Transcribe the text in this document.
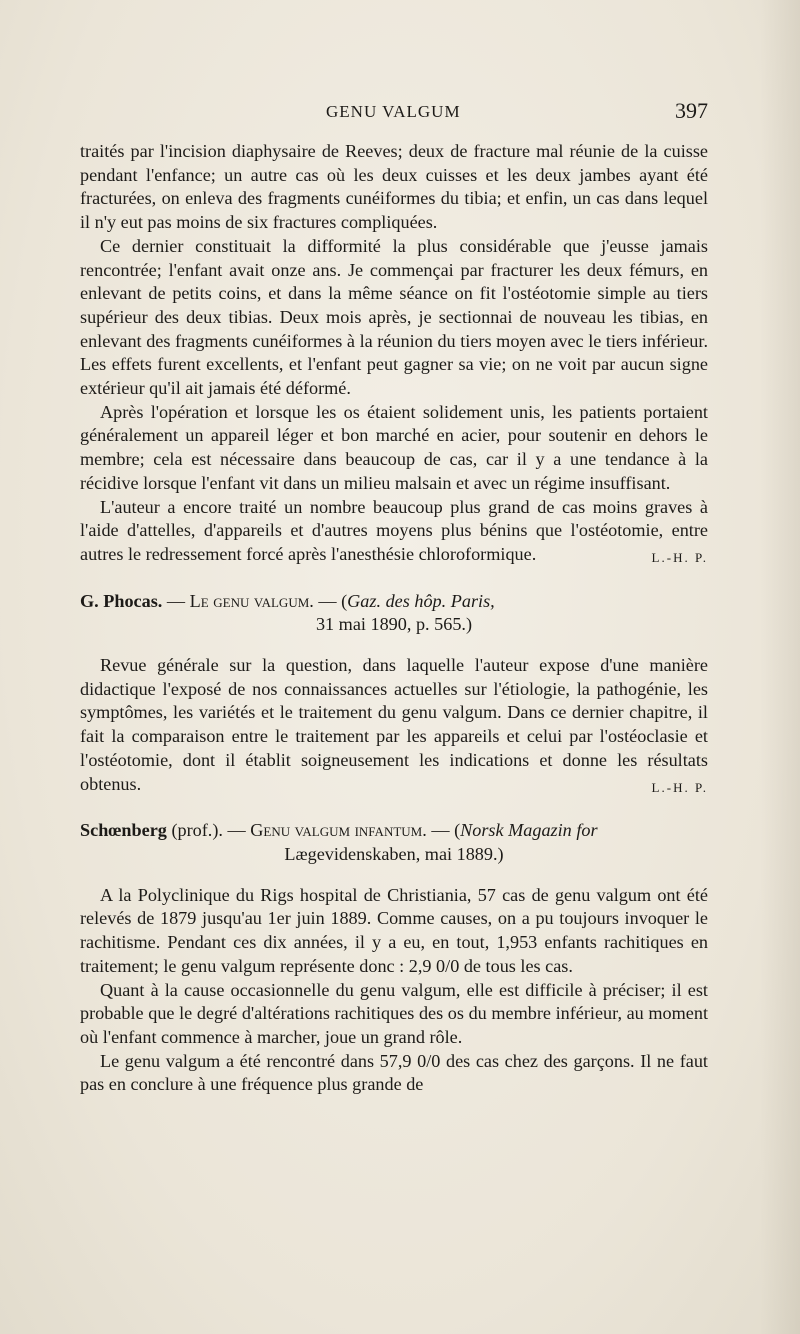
GENU VALGUM	397

traités par l'incision diaphysaire de Reeves; deux de fracture mal réunie de la cuisse pendant l'enfance; un autre cas où les deux cuisses et les deux jambes ayant été fracturées, on enleva des fragments cunéiformes du tibia; et enfin, un cas dans lequel il n'y eut pas moins de six fractures compliquées.

Ce dernier constituait la difformité la plus considérable que j'eusse jamais rencontrée; l'enfant avait onze ans. Je commençai par fracturer les deux fémurs, en enlevant de petits coins, et dans la même séance on fit l'ostéotomie simple au tiers supérieur des deux tibias. Deux mois après, je sectionnai de nouveau les tibias, en enlevant des fragments cunéiformes à la réunion du tiers moyen avec le tiers inférieur. Les effets furent excellents, et l'enfant peut gagner sa vie; on ne voit par aucun signe extérieur qu'il ait jamais été déformé.

Après l'opération et lorsque les os étaient solidement unis, les patients portaient généralement un appareil léger et bon marché en acier, pour soutenir en dehors le membre; cela est nécessaire dans beaucoup de cas, car il y a une tendance à la récidive lorsque l'enfant vit dans un milieu malsain et avec un régime insuffisant.

L'auteur a encore traité un nombre beaucoup plus grand de cas moins graves à l'aide d'attelles, d'appareils et d'autres moyens plus bénins que l'ostéotomie, entre autres le redressement forcé après l'anesthésie chloroformique.	L.-H. P.

G. Phocas. — Le genu valgum. — (Gaz. des hôp. Paris,

31 mai 1890, p. 565.)

Revue générale sur la question, dans laquelle l'auteur expose d'une manière didactique l'exposé de nos connaissances actuelles sur l'étiologie, la pathogénie, les symptômes, les variétés et le traitement du genu valgum. Dans ce dernier chapitre, il fait la comparaison entre le traitement par les appareils et celui par l'ostéoclasie et l'ostéotomie, dont il établit soigneusement les indications et donne les résultats obtenus.	L.-H. P.

Schœnberg (prof.). — Genu valgum infantum. — (Norsk Magazin for

Lægevidenskaben, mai 1889.)

A la Polyclinique du Rigs hospital de Christiania, 57 cas de genu valgum ont été relevés de 1879 jusqu'au 1er juin 1889. Comme causes, on a pu toujours invoquer le rachitisme. Pendant ces dix années, il y a eu, en tout, 1,953 enfants rachitiques en traitement; le genu valgum représente donc : 2,9 0/0 de tous les cas.

Quant à la cause occasionnelle du genu valgum, elle est difficile à préciser; il est probable que le degré d'altérations rachitiques des os du membre inférieur, au moment où l'enfant commence à marcher, joue un grand rôle.

Le genu valgum a été rencontré dans 57,9 0/0 des cas chez des garçons. Il ne faut pas en conclure à une fréquence plus grande de
